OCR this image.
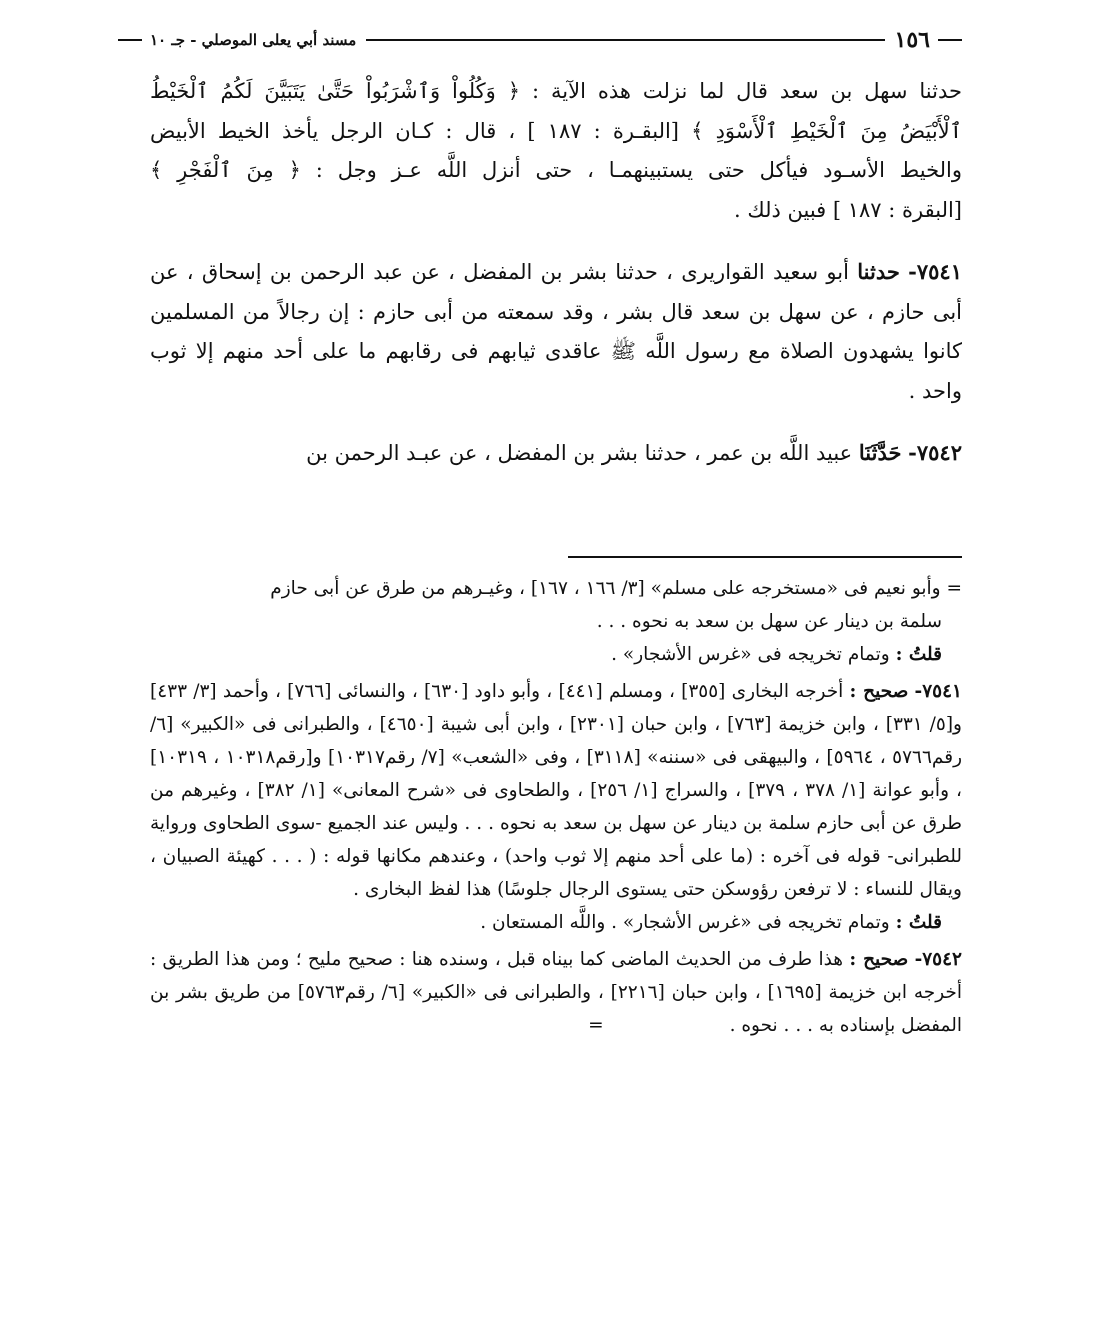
١٥٦
مسند أبي يعلى الموصلي - جـ ١٠

حدثنا سهل بن سعد قال لما نزلت هذه الآية : ﴿ وَكُلُواْ وَٱشْرَبُواْ حَتَّىٰ يَتَبَيَّنَ لَكُمُ ٱلْخَيْطُ ٱلْأَبْيَضُ مِنَ ٱلْخَيْطِ ٱلْأَسْوَدِ ﴾ [البقـرة : ١٨٧ ] ، قال : كـان الرجل يأخذ الخيط الأبيض والخيط الأسـود فيأكل حتى يستبينهمـا ، حتى أنزل اللَّه عـز وجل : ﴿ مِنَ ٱلْفَجْرِ ﴾ [البقرة : ١٨٧ ] فبين ذلك .

٧٥٤١- حدثنا أبو سعيد القواريرى ، حدثنا بشر بن المفضل ، عن عبد الرحمن بن إسحاق ، عن أبى حازم ، عن سهل بن سعد قال بشر ، وقد سمعته من أبى حازم : إن رجالاً من المسلمين كانوا يشهدون الصلاة مع رسول اللَّه ﷺ عاقدى ثيابهم فى رقابهم ما على أحد منهم إلا ثوب واحد .

٧٥٤٢- حَدَّثَنَا عبيد اللَّه بن عمر ، حدثنا بشر بن المفضل ، عن عبـد الرحمن بن

= وأبو نعيم فى «مستخرجه على مسلم» [٣/ ١٦٦ ، ١٦٧] ، وغيـرهم من طرق عن أبى حازم

سلمة بن دينار عن سهل بن سعد به نحوه . . .

قلتُ : وتمام تخريجه فى «غرس الأشجار» .

٧٥٤١- صحيح : أخرجه البخارى [٣٥٥] ، ومسلم [٤٤١] ، وأبو داود [٦٣٠] ، والنسائى [٧٦٦] ، وأحمد [٣/ ٤٣٣] و[٥/ ٣٣١] ، وابن خزيمة [٧٦٣] ، وابن حبان [٢٣٠١] ، وابن أبى شيبة [٤٦٥٠] ، والطبرانى فى «الكبير» [٦/ رقم٥٧٦٦ ، ٥٩٦٤] ، والبيهقى فى «سننه» [٣١١٨] ، وفى «الشعب» [٧/ رقم١٠٣١٧] و[رقم١٠٣١٨ ، ١٠٣١٩] ، وأبو عوانة [١/ ٣٧٨ ، ٣٧٩] ، والسراج [١/ ٢٥٦] ، والطحاوى فى «شرح المعانى» [١/ ٣٨٢] ، وغيرهم من طرق عن أبى حازم سلمة بن دينار عن سهل بن سعد به نحوه . . . وليس عند الجميع -سوى الطحاوى ورواية للطبرانى- قوله فى آخره : (ما على أحد منهم إلا ثوب واحد) ، وعندهم مكانها قوله : ( . . . كهيئة الصبيان ، ويقال للنساء : لا ترفعن رؤوسكن حتى يستوى الرجال جلوسًا) هذا لفظ البخارى .

قلتُ : وتمام تخريجه فى «غرس الأشجار» . واللَّه المستعان .

٧٥٤٢- صحيح : هذا طرف من الحديث الماضى كما بيناه قبل ، وسنده هنا : صحيح مليح ؛ ومن هذا الطريق : أخرجه ابن خزيمة [١٦٩٥] ، وابن حبان [٢٢١٦] ، والطبرانى فى «الكبير» [٦/ رقم٥٧٦٣] من طريق بشر بن المفضل بإسناده به . . . نحوه . =
